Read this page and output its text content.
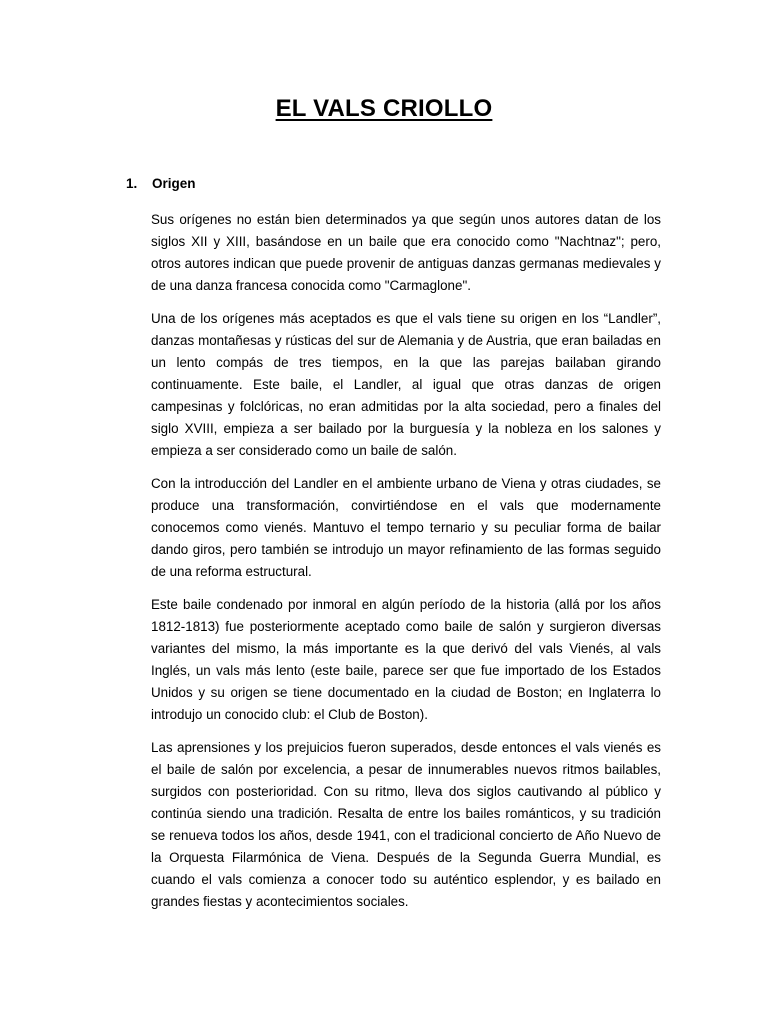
EL VALS CRIOLLO
1.	Origen

Sus orígenes no están bien determinados ya que según unos autores datan de los siglos XII y XIII, basándose en un baile que era conocido como "Nachtnaz"; pero, otros autores indican que puede provenir de antiguas danzas germanas medievales y de una danza francesa conocida como "Carmaglone".

Una de los orígenes más aceptados es que el vals tiene su origen en los “Landler”, danzas montañesas y rústicas del sur de Alemania y de Austria, que eran bailadas en un lento compás de tres tiempos, en la que las parejas bailaban girando continuamente. Este baile, el Landler, al igual que otras danzas de origen campesinas y folclóricas, no eran admitidas por la alta sociedad, pero a finales del siglo XVIII, empieza a ser bailado por la burguesía y la nobleza en los salones y empieza a ser considerado como un baile de salón.

Con la introducción del Landler en el ambiente urbano de Viena y otras ciudades, se produce una transformación, convirtiéndose en el vals que modernamente conocemos como vienés. Mantuvo el tempo ternario y su peculiar forma de bailar dando giros, pero también se introdujo un mayor refinamiento de las formas seguido de una reforma estructural.

Este baile condenado por inmoral en algún período de la historia (allá por los años 1812-1813) fue posteriormente aceptado como baile de salón y surgieron diversas variantes del mismo, la más importante es la que derivó del vals Vienés, al vals Inglés, un vals más lento (este baile, parece ser que fue importado de los Estados Unidos y su origen se tiene documentado en la ciudad de Boston; en Inglaterra lo introdujo un conocido club: el Club de Boston).

Las aprensiones y los prejuicios fueron superados, desde entonces el vals vienés es el baile de salón por excelencia, a pesar de innumerables nuevos ritmos bailables, surgidos con posterioridad. Con su ritmo, lleva dos siglos cautivando al público y continúa siendo una tradición. Resalta de entre los bailes románticos, y su tradición se renueva todos los años, desde 1941, con el tradicional concierto de Año Nuevo de la Orquesta Filarmónica de Viena. Después de la Segunda Guerra Mundial, es cuando el vals comienza a conocer todo su auténtico esplendor, y es bailado en grandes fiestas y acontecimientos sociales.
